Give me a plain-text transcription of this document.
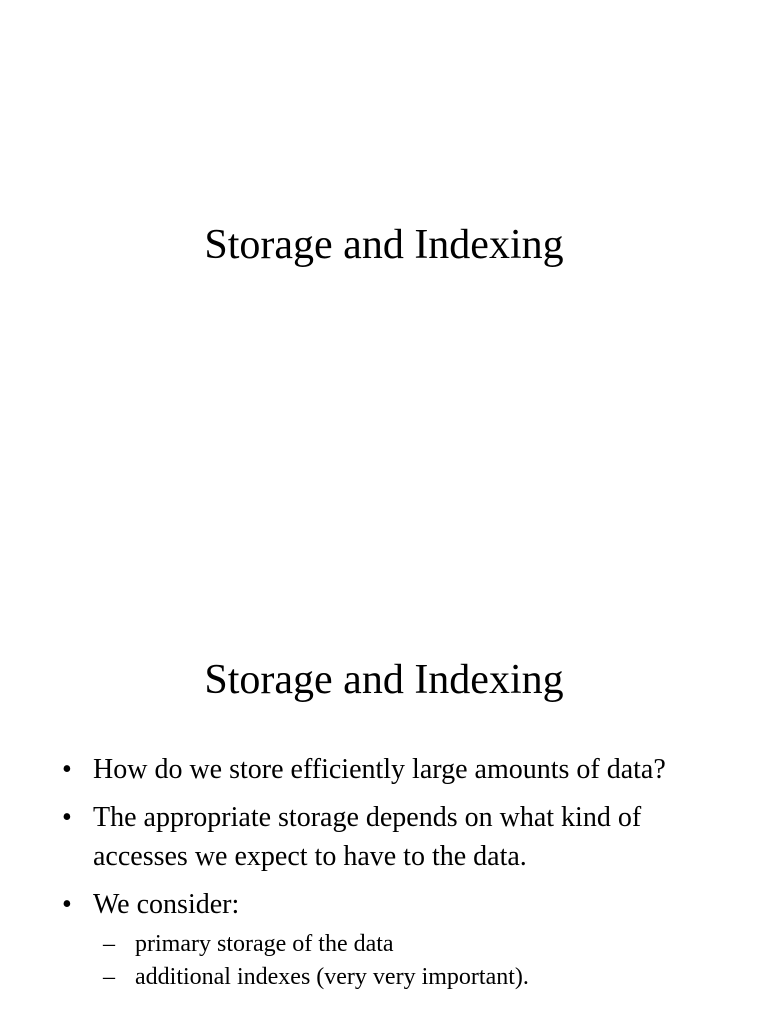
Storage and Indexing
Storage and Indexing
• How do we store efficiently large amounts of data?
• The appropriate storage depends on what kind of accesses we expect to have to the data.
• We consider:
– primary storage of the data
– additional indexes (very very important).
